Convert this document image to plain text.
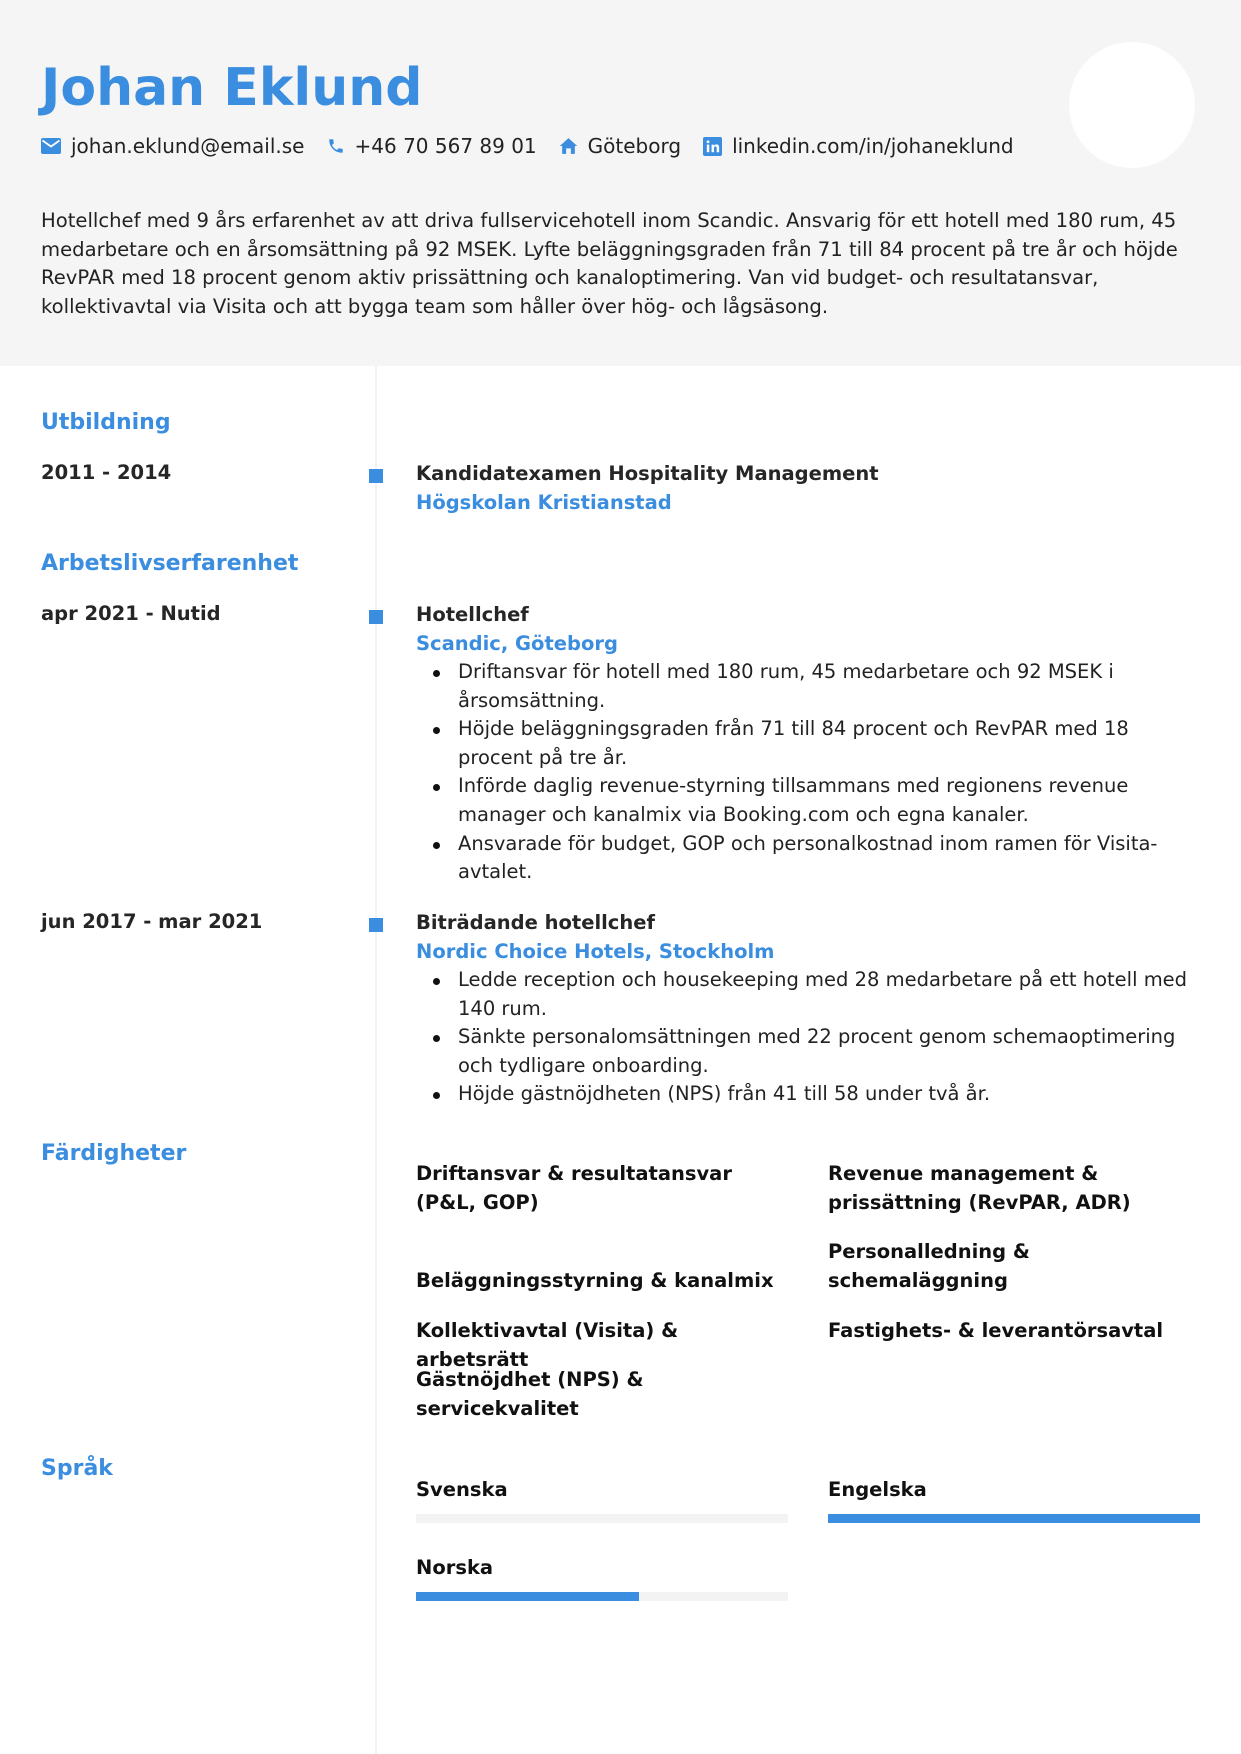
Johan Eklund
johan.eklund@email.se	+46 70 567 89 01	Göteborg	linkedin.com/in/johaneklund
Hotellchef med 9 års erfarenhet av att driva fullservicehotell inom Scandic. Ansvarig för ett hotell med 180 rum, 45 medarbetare och en årsomsättning på 92 MSEK. Lyfte beläggningsgraden från 71 till 84 procent på tre år och höjde RevPAR med 18 procent genom aktiv prissättning och kanaloptimering. Van vid budget- och resultatansvar, kollektivavtal via Visita och att bygga team som håller över hög- och lågsäsong.
Utbildning
2011 - 2014	Kandidatexamen Hospitality Management
Högskolan Kristianstad
Arbetslivserfarenhet
apr 2021 - Nutid	Hotellchef
Scandic, Göteborg
Driftansvar för hotell med 180 rum, 45 medarbetare och 92 MSEK i årsomsättning.
Höjde beläggningsgraden från 71 till 84 procent och RevPAR med 18 procent på tre år.
Införde daglig revenue-styrning tillsammans med regionens revenue manager och kanalmix via Booking.com och egna kanaler.
Ansvarade för budget, GOP och personalkostnad inom ramen för Visita-avtalet.
jun 2017 - mar 2021	Biträdande hotellchef
Nordic Choice Hotels, Stockholm
Ledde reception och housekeeping med 28 medarbetare på ett hotell med 140 rum.
Sänkte personalomsättningen med 22 procent genom schemaoptimering och tydligare onboarding.
Höjde gästnöjdheten (NPS) från 41 till 58 under två år.
Färdigheter
Driftansvar & resultatansvar (P&L, GOP)
Revenue management & prissättning (RevPAR, ADR)
Beläggningsstyrning & kanalmix
Personalledning & schemaläggning
Kollektivavtal (Visita) & arbetsrätt
Fastighets- & leverantörsavtal
Gästnöjdhet (NPS) & servicekvalitet
Språk
Svenska	Engelska
Norska
